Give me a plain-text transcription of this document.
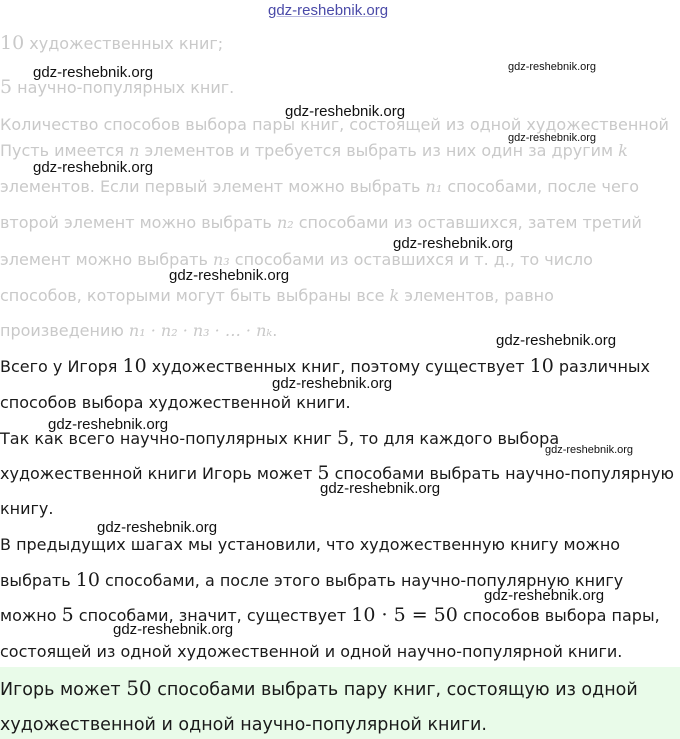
gdz-reshebnik.org
10 художественных книг;
5 научно-популярных книг.
Количество способов выбора пары книг, состоящей из одной художественной
Пусть имеется n элементов и требуется выбрать из них один за другим k
элементов. Если первый элемент можно выбрать n₁ способами, после чего
второй элемент можно выбрать n₂ способами из оставшихся, затем третий
элемент можно выбрать n₃ способами из оставшихся и т. д., то число
способов, которыми могут быть выбраны все k элементов, равно
произведению n₁ · n₂ · n₃ · … · nₖ.
Всего у Игоря 10 художественных книг, поэтому существует 10 различных
способов выбора художественной книги.
Так как всего научно-популярных книг 5, то для каждого выбора
художественной книги Игорь может 5 способами выбрать научно-популярную
книгу.
В предыдущих шагах мы установили, что художественную книгу можно
выбрать 10 способами, а после этого выбрать научно-популярную книгу
можно 5 способами, значит, существует 10 · 5 = 50 способов выбора пары,
состоящей из одной художественной и одной научно-популярной книги.
Игорь может 50 способами выбрать пару книг, состоящую из одной
художественной и одной научно-популярной книги.
gdz-reshebnik.org	gdz-reshebnik.org
gdz-reshebnik.org
gdz-reshebnik.org
gdz-reshebnik.org
gdz-reshebnik.org
gdz-reshebnik.org
gdz-reshebnik.org
gdz-reshebnik.org
gdz-reshebnik.org
gdz-reshebnik.org
gdz-reshebnik.org
gdz-reshebnik.org
gdz-reshebnik.org
gdz-reshebnik.org
